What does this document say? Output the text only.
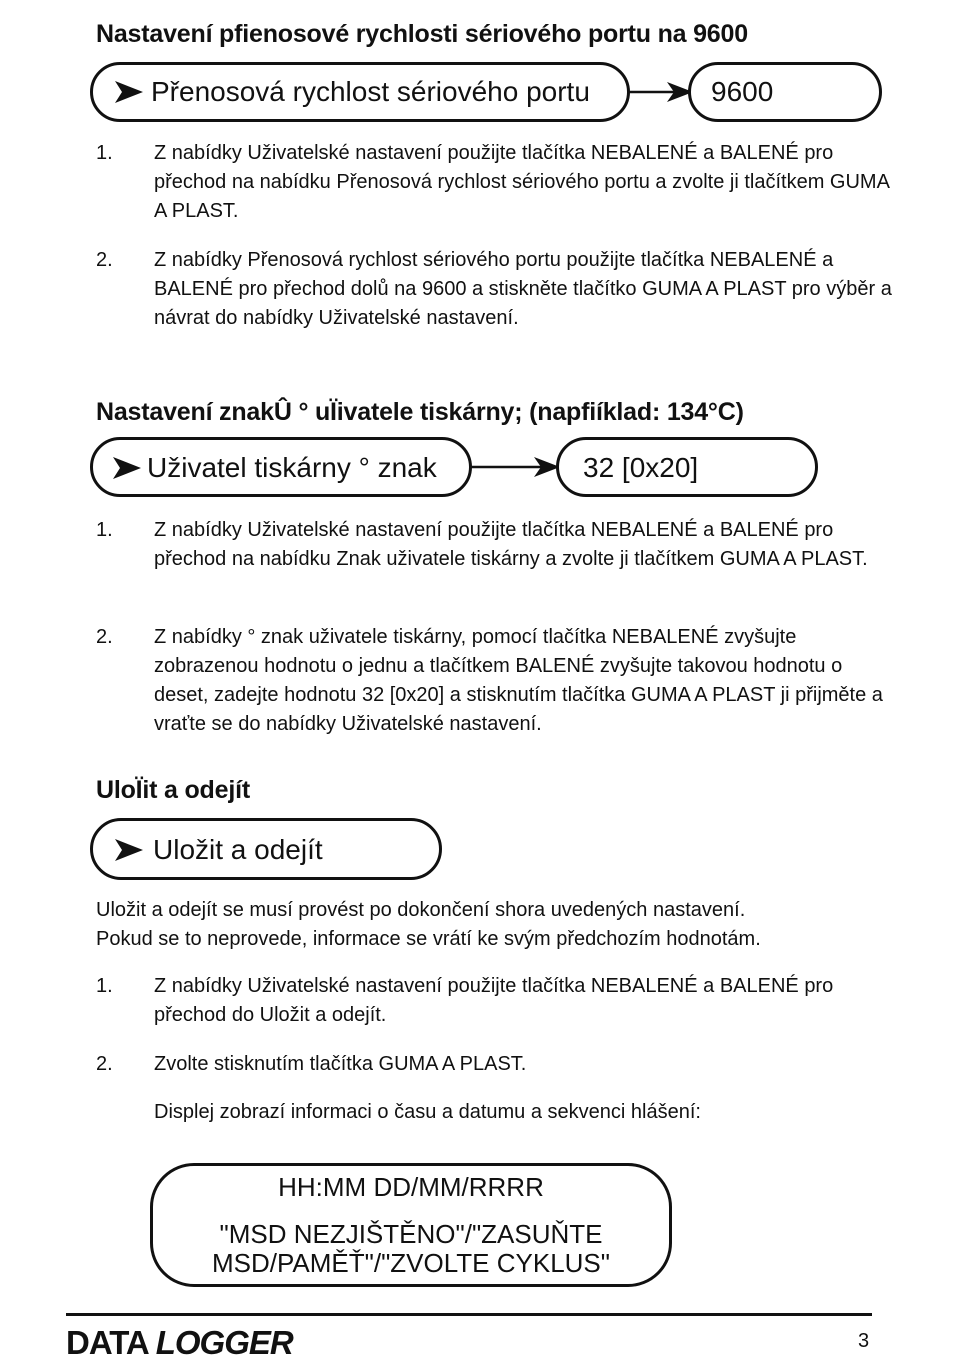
Nastavení pfienosové rychlosti sériového portu na 9600
Přenosová rychlost sériového portu	9600
1. Z nabídky Uživatelské nastavení použijte tlačítka NEBALENÉ a BALENÉ pro přechod na nabídku Přenosová rychlost sériového portu a zvolte ji tlačítkem GUMA A PLAST.

2. Z nabídky Přenosová rychlost sériového portu použijte tlačítka NEBALENÉ a BALENÉ pro přechod dolů na 9600 a stiskněte tlačítko GUMA A PLAST pro výběr a návrat do nabídky Uživatelské nastavení.

Nastavení znakÛ ° uÏivatele tiskárny; (napfiíklad: 134°C)
Uživatel tiskárny ° znak	32 [0x20]
1. Z nabídky Uživatelské nastavení použijte tlačítka NEBALENÉ a BALENÉ pro přechod na nabídku Znak uživatele tiskárny a zvolte ji tlačítkem GUMA A PLAST.

2. Z nabídky ° znak uživatele tiskárny, pomocí tlačítka NEBALENÉ zvyšujte zobrazenou hodnotu o jednu a tlačítkem BALENÉ zvyšujte takovou hodnotu o deset, zadejte hodnotu 32 [0x20] a stisknutím tlačítka GUMA A PLAST ji přijměte a vraťte se do nabídky Uživatelské nastavení.

UloÏit a odejít
Uložit a odejít

Uložit a odejít se musí provést po dokončení shora uvedených nastavení.

Pokud se to neprovede, informace se vrátí ke svým předchozím hodnotám.

1. Z nabídky Uživatelské nastavení použijte tlačítka NEBALENÉ a BALENÉ pro přechod do Uložit a odejít.

2. Zvolte stisknutím tlačítka GUMA A PLAST.

Displej zobrazí informaci o času a datumu a sekvenci hlášení:

HH:MM DD/MM/RRRR
"MSD NEZJIŠTĚNO"/"ZASUŇTE
MSD/PAMĚŤ"/"ZVOLTE CYKLUS"
DATA LOGGER	3
